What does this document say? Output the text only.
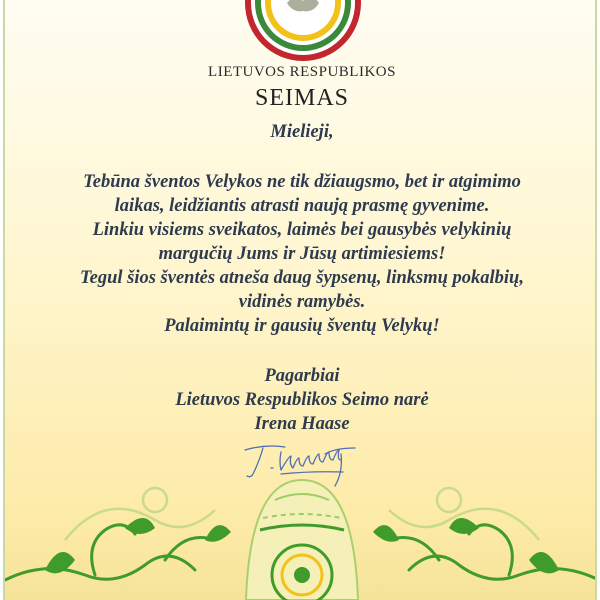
LIETUVOS RESPUBLIKOS
SEIMAS
Mielieji,
Tebūna šventos Velykos ne tik džiaugsmo, bet ir atgimimo
laikas, leidžiantis atrasti naują prasmę gyvenime.
Linkiu visiems sveikatos, laimės bei gausybės velykinių
margučių Jums ir Jūsų artimiesiems!
Tegul šios šventės atneša daug šypsenų, linksmų pokalbių,
vidinės ramybės.
Palaimintų ir gausių šventų Velykų!
Pagarbiai
Lietuvos Respublikos Seimo narė
Irena Haase
